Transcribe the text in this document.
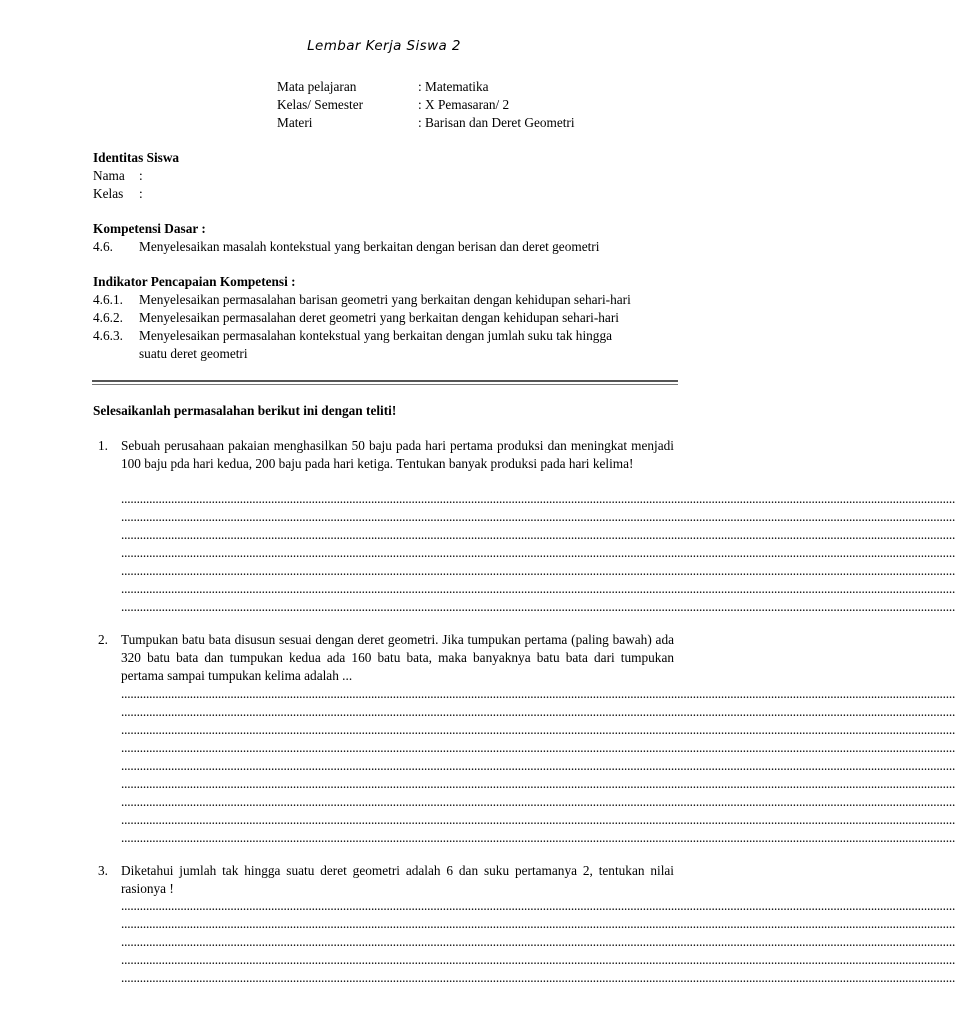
Lembar Kerja Siswa 2
Mata pelajaran	: Matematika
Kelas/ Semester	: X Pemasaran/ 2
Materi	: Barisan dan Deret Geometri
Identitas Siswa
Nama :
Kelas :
Kompetensi Dasar :
4.6. Menyelesaikan masalah kontekstual yang berkaitan dengan berisan dan deret geometri
Indikator Pencapaian Kompetensi :
4.6.1. Menyelesaikan permasalahan barisan geometri yang berkaitan dengan kehidupan sehari-hari
4.6.2. Menyelesaikan permasalahan deret geometri yang berkaitan dengan kehidupan sehari-hari
4.6.3. Menyelesaikan permasalahan kontekstual yang berkaitan dengan jumlah suku tak hingga
suatu deret geometri
Selesaikanlah permasalahan berikut ini dengan teliti!
1. Sebuah perusahaan pakaian menghasilkan 50 baju pada hari pertama produksi dan meningkat menjadi 100 baju pda hari kedua, 200 baju pada hari ketiga. Tentukan banyak produksi pada hari kelima!
...........................................................................................................................................................................................................................................................................
...........................................................................................................................................................................................................................................................................
...........................................................................................................................................................................................................................................................................
...........................................................................................................................................................................................................................................................................
...........................................................................................................................................................................................................................................................................
...........................................................................................................................................................................................................................................................................
...........................................................................................................................................................................................................................................................................
2. Tumpukan batu bata disusun sesuai dengan deret geometri. Jika tumpukan pertama (paling bawah) ada 320 batu bata dan tumpukan kedua ada 160 batu bata, maka banyaknya batu bata dari tumpukan pertama sampai tumpukan kelima adalah ...
...........................................................................................................................................................................................................................................................................
...........................................................................................................................................................................................................................................................................
...........................................................................................................................................................................................................................................................................
...........................................................................................................................................................................................................................................................................
...........................................................................................................................................................................................................................................................................
...........................................................................................................................................................................................................................................................................
...........................................................................................................................................................................................................................................................................
...........................................................................................................................................................................................................................................................................
...........................................................................................................................................................................................................................................................................
3. Diketahui jumlah tak hingga suatu deret geometri adalah 6 dan suku pertamanya 2, tentukan nilai rasionya !
...........................................................................................................................................................................................................................................................................
...........................................................................................................................................................................................................................................................................
...........................................................................................................................................................................................................................................................................
...........................................................................................................................................................................................................................................................................
...........................................................................................................................................................................................................................................................................
